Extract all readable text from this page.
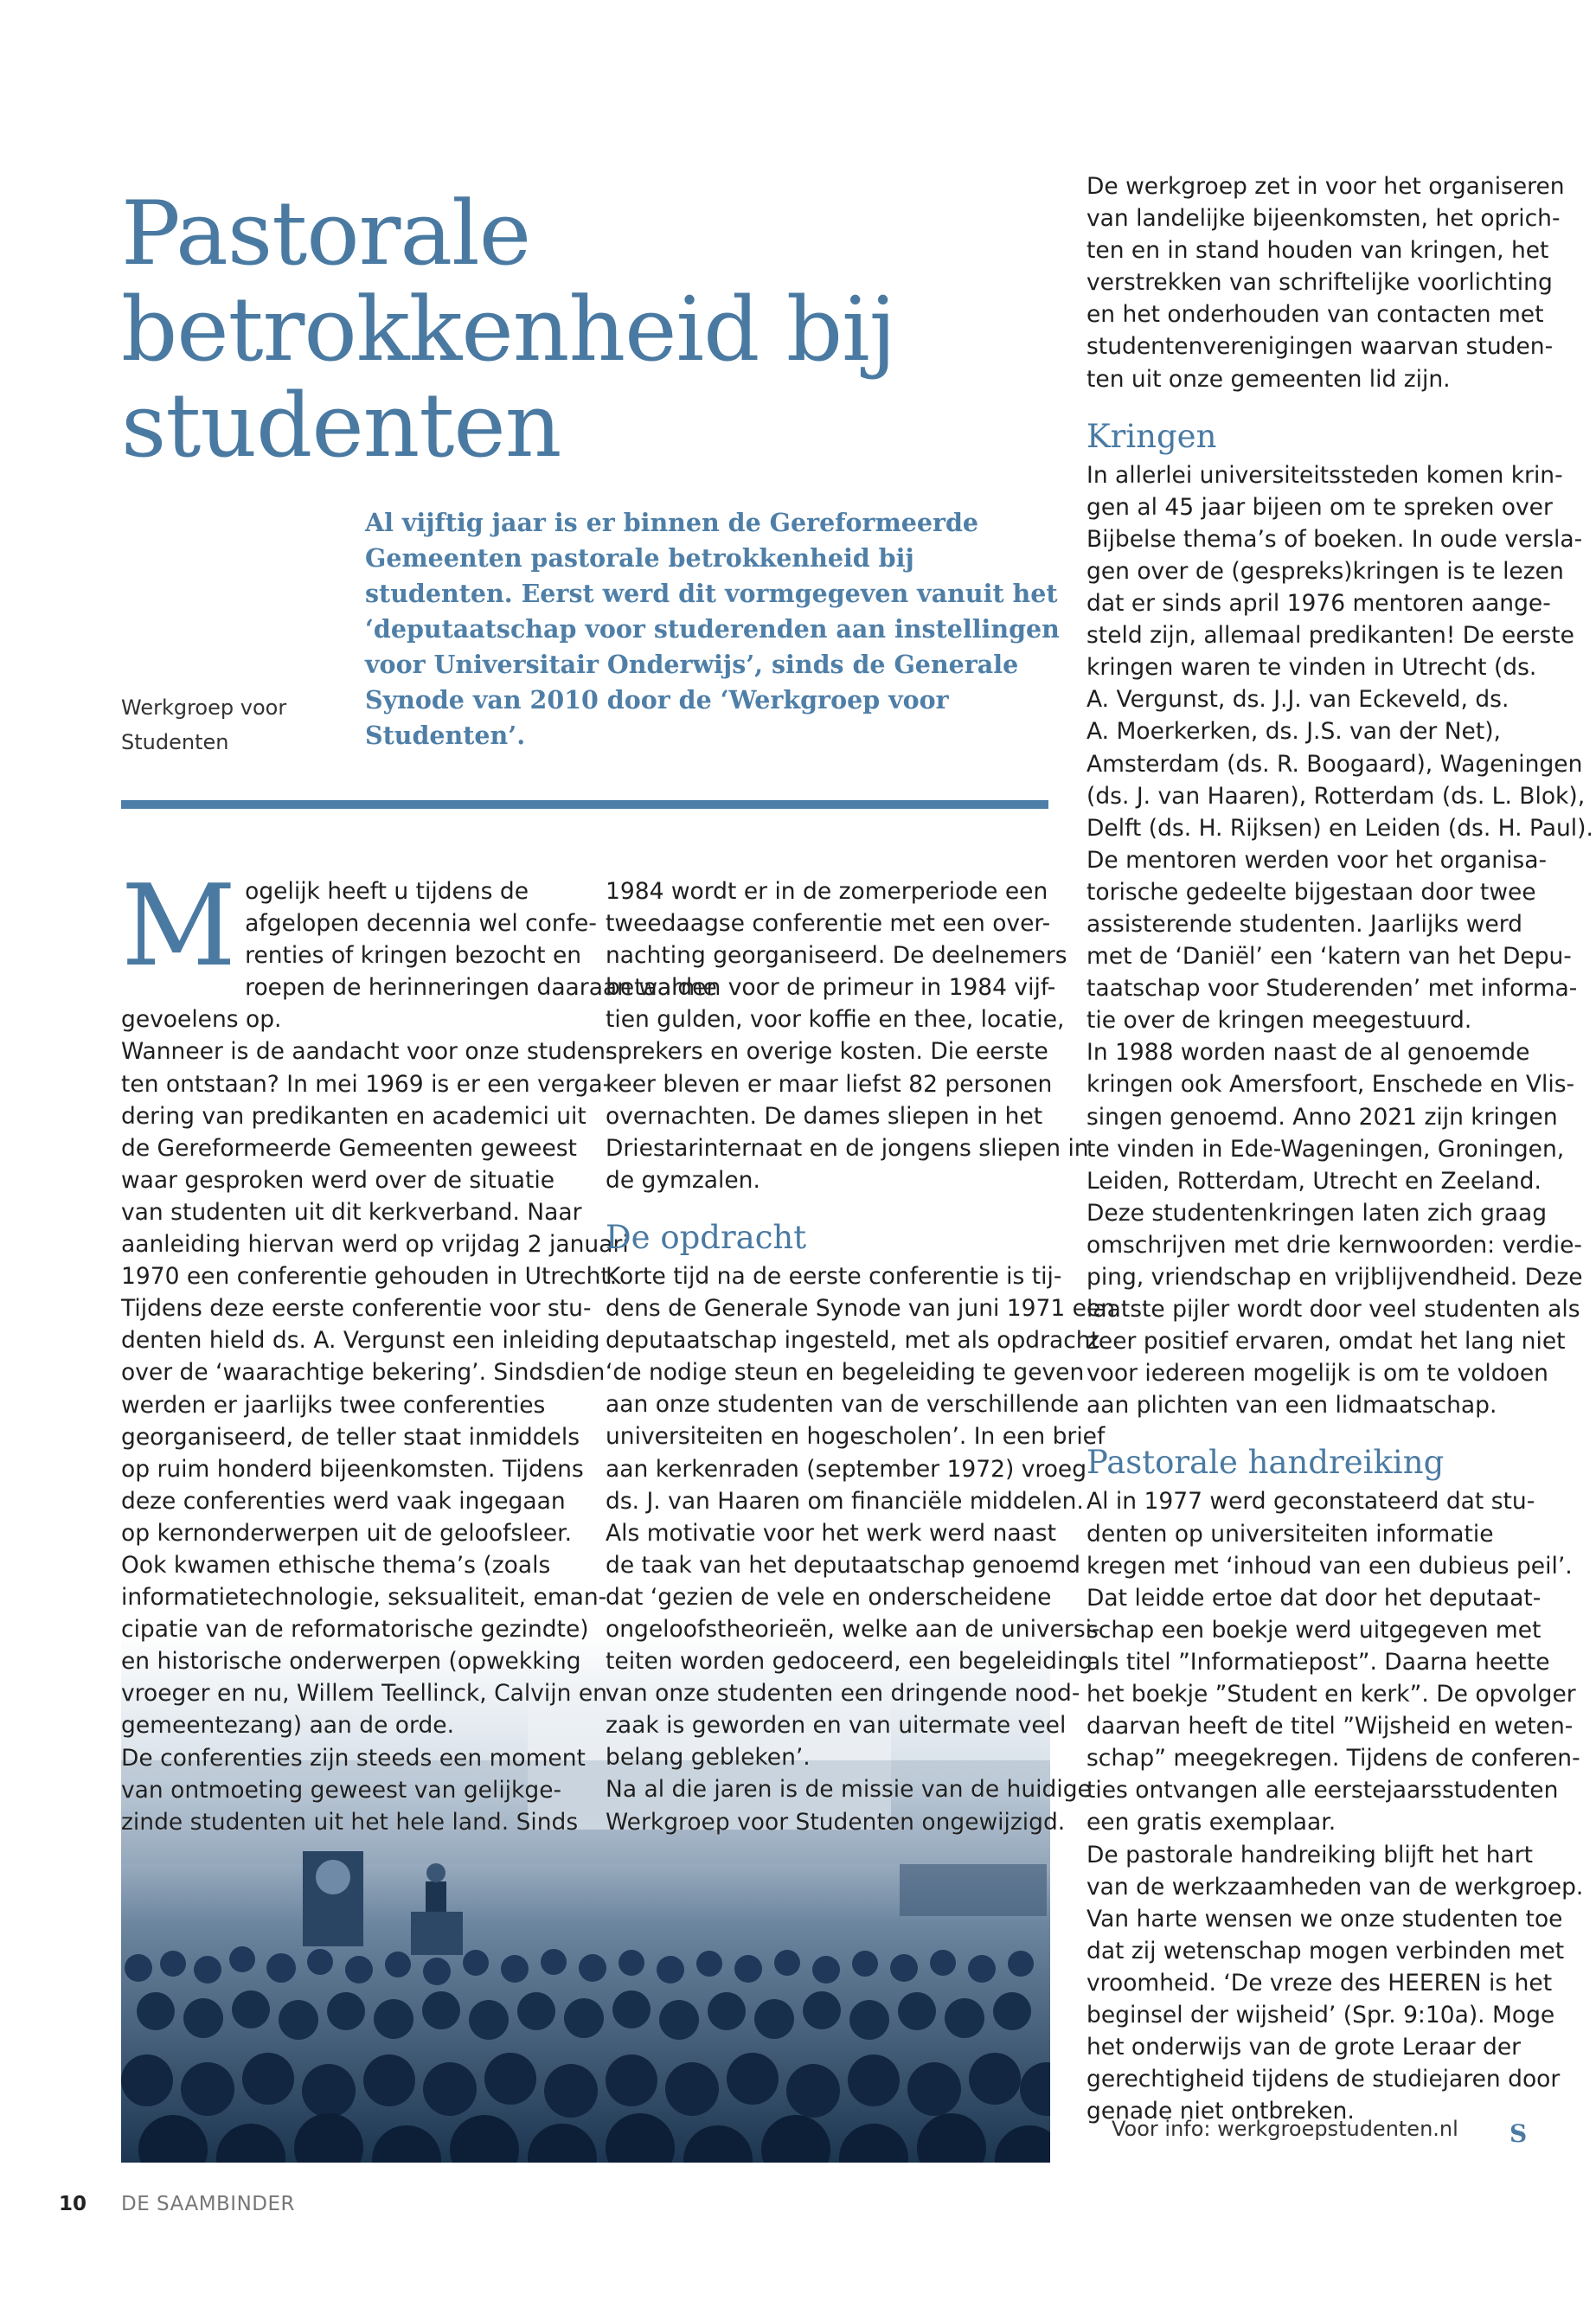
Pastorale
betrokkenheid bij
studenten
Al vijftig jaar is er binnen de Gereformeerde
Gemeenten pastorale betrokkenheid bij
studenten. Eerst werd dit vormgegeven vanuit het
‘deputaatschap voor studerenden aan instellingen
voor Universitair Onderwijs’, sinds de Generale
Synode van 2010 door de ‘Werkgroep voor
Studenten’.
Werkgroep voor
Studenten
M ogelijk heeft u tijdens de
afgelopen decennia wel confe-
renties of kringen bezocht en
roepen de herinneringen daaraan warme
gevoelens op.
Wanneer is de aandacht voor onze studen-
ten ontstaan? In mei 1969 is er een verga-
dering van predikanten en academici uit
de Gereformeerde Gemeenten geweest
waar gesproken werd over de situatie
van studenten uit dit kerkverband. Naar
aanleiding hiervan werd op vrijdag 2 januari
1970 een conferentie gehouden in Utrecht.
Tijdens deze eerste conferentie voor stu-
denten hield ds. A. Vergunst een inleiding
over de ‘waarachtige bekering’. Sindsdien
werden er jaarlijks twee conferenties
georganiseerd, de teller staat inmiddels
op ruim honderd bijeenkomsten. Tijdens
deze conferenties werd vaak ingegaan
op kernonderwerpen uit de geloofsleer.
Ook kwamen ethische thema’s (zoals
informatietechnologie, seksualiteit, eman-
cipatie van de reformatorische gezindte)
en historische onderwerpen (opwekking
vroeger en nu, Willem Teellinck, Calvijn en
gemeentezang) aan de orde.
De conferenties zijn steeds een moment
van ontmoeting geweest van gelijkge-
zinde studenten uit het hele land. Sinds
1984 wordt er in de zomerperiode een
tweedaagse conferentie met een over-
nachting georganiseerd. De deelnemers
betaalden voor de primeur in 1984 vijf-
tien gulden, voor koffie en thee, locatie,
sprekers en overige kosten. Die eerste
keer bleven er maar liefst 82 personen
overnachten. De dames sliepen in het
Driestarinternaat en de jongens sliepen in
de gymzalen.
De opdracht
Korte tijd na de eerste conferentie is tij-
dens de Generale Synode van juni 1971 een
deputaatschap ingesteld, met als opdracht
‘de nodige steun en begeleiding te geven
aan onze studenten van de verschillende
universiteiten en hogescholen’. In een brief
aan kerkenraden (september 1972) vroeg
ds. J. van Haaren om financiële middelen.
Als motivatie voor het werk werd naast
de taak van het deputaatschap genoemd
dat ‘gezien de vele en onderscheidene
ongeloofstheorieën, welke aan de universi-
teiten worden gedoceerd, een begeleiding
van onze studenten een dringende nood-
zaak is geworden en van uitermate veel
belang gebleken’.
Na al die jaren is de missie van de huidige
Werkgroep voor Studenten ongewijzigd.
De werkgroep zet in voor het organiseren
van landelijke bijeenkomsten, het oprich-
ten en in stand houden van kringen, het
verstrekken van schriftelijke voorlichting
en het onderhouden van contacten met
studentenverenigingen waarvan studen-
ten uit onze gemeenten lid zijn.
Kringen
In allerlei universiteitssteden komen krin-
gen al 45 jaar bijeen om te spreken over
Bijbelse thema’s of boeken. In oude versla-
gen over de (gespreks)kringen is te lezen
dat er sinds april 1976 mentoren aange-
steld zijn, allemaal predikanten! De eerste
kringen waren te vinden in Utrecht (ds.
A. Vergunst, ds. J.J. van Eckeveld, ds.
A. Moerkerken, ds. J.S. van der Net),
Amsterdam (ds. R. Boogaard), Wageningen
(ds. J. van Haaren), Rotterdam (ds. L. Blok),
Delft (ds. H. Rijksen) en Leiden (ds. H. Paul).
De mentoren werden voor het organisa-
torische gedeelte bijgestaan door twee
assisterende studenten. Jaarlijks werd
met de ‘Daniël’ een ‘katern van het Depu-
taatschap voor Studerenden’ met informa-
tie over de kringen meegestuurd.
In 1988 worden naast de al genoemde
kringen ook Amersfoort, Enschede en Vlis-
singen genoemd. Anno 2021 zijn kringen
te vinden in Ede-Wageningen, Groningen,
Leiden, Rotterdam, Utrecht en Zeeland.
Deze studentenkringen laten zich graag
omschrijven met drie kernwoorden: verdie-
ping, vriendschap en vrijblijvendheid. Deze
laatste pijler wordt door veel studenten als
zeer positief ervaren, omdat het lang niet
voor iedereen mogelijk is om te voldoen
aan plichten van een lidmaatschap.
Pastorale handreiking
Al in 1977 werd geconstateerd dat stu-
denten op universiteiten informatie
kregen met ‘inhoud van een dubieus peil’.
Dat leidde ertoe dat door het deputaat-
schap een boekje werd uitgegeven met
als titel ”Informatiepost”. Daarna heette
het boekje ”Student en kerk”. De opvolger
daarvan heeft de titel ”Wijsheid en weten-
schap” meegekregen. Tijdens de conferen-
ties ontvangen alle eerstejaarsstudenten
een gratis exemplaar.
De pastorale handreiking blijft het hart
van de werkzaamheden van de werkgroep.
Van harte wensen we onze studenten toe
dat zij wetenschap mogen verbinden met
vroomheid. ‘De vreze des HEEREN is het
beginsel der wijsheid’ (Spr. 9:10a). Moge
het onderwijs van de grote Leraar der
gerechtigheid tijdens de studiejaren door
genade niet ontbreken.
Voor info: werkgroepstudenten.nl S
10 DE SAAMBINDER
